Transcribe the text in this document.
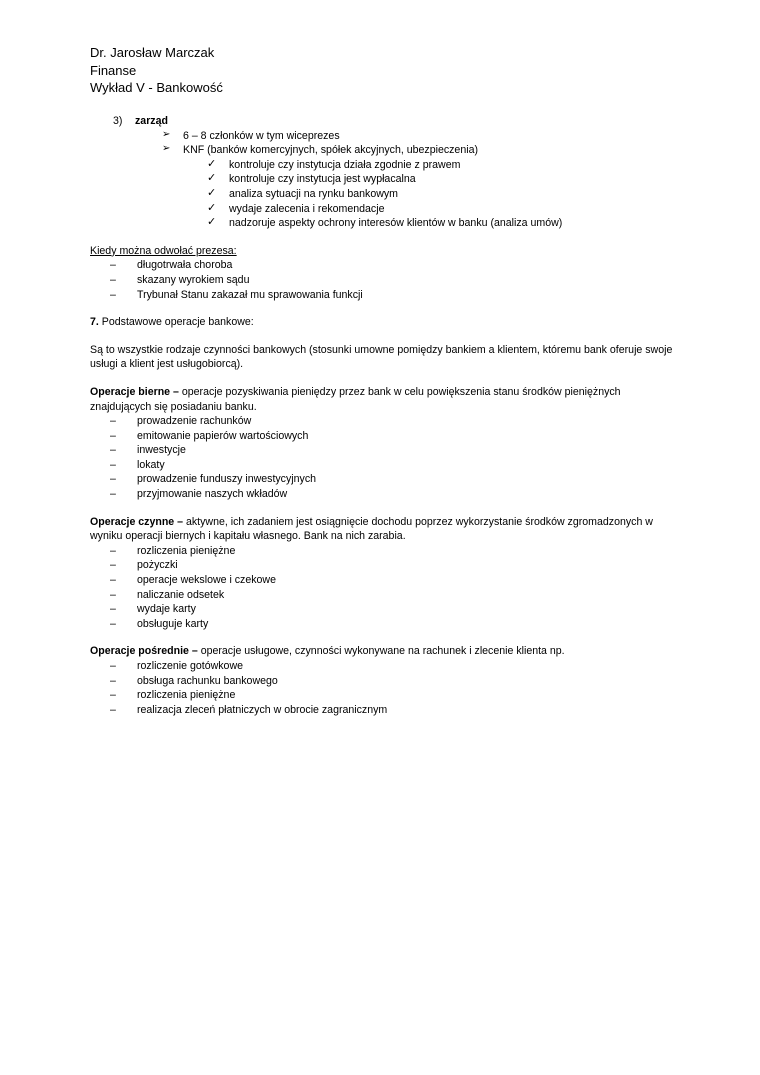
Dr. Jarosław Marczak
Finanse
Wykład V - Bankowość
3) zarząd
➢ 6 – 8 członków w tym wiceprezes
➢ KNF (banków komercyjnych, spółek akcyjnych, ubezpieczenia)
✓ kontroluje czy instytucja działa zgodnie z prawem
✓ kontroluje czy instytucja jest wypłacalna
✓ analiza sytuacji na rynku bankowym
✓ wydaje zalecenia i rekomendacje
✓ nadzoruje aspekty ochrony interesów klientów w banku (analiza umów)
Kiedy można odwołać prezesa:
– długotrwała choroba
– skazany wyrokiem sądu
– Trybunał Stanu zakazał mu sprawowania funkcji
7. Podstawowe operacje bankowe:
Są to wszystkie rodzaje czynności bankowych (stosunki umowne pomiędzy bankiem a klientem, któremu bank oferuje swoje usługi a klient jest usługobiorcą).
Operacje bierne – operacje pozyskiwania pieniędzy przez bank w celu powiększenia stanu środków pieniężnych znajdujących się posiadaniu banku.
– prowadzenie rachunków
– emitowanie papierów wartościowych
– inwestycje
– lokaty
– prowadzenie funduszy inwestycyjnych
– przyjmowanie naszych wkładów
Operacje czynne – aktywne, ich zadaniem jest osiągnięcie dochodu poprzez wykorzystanie środków zgromadzonych w wyniku operacji biernych i kapitału własnego. Bank na nich zarabia.
– rozliczenia pieniężne
– pożyczki
– operacje wekslowe i czekowe
– naliczanie odsetek
– wydaje karty
– obsługuje karty
Operacje pośrednie – operacje usługowe, czynności wykonywane na rachunek i zlecenie klienta np.
– rozliczenie gotówkowe
– obsługa rachunku bankowego
– rozliczenia pieniężne
– realizacja zleceń płatniczych w obrocie zagranicznym
